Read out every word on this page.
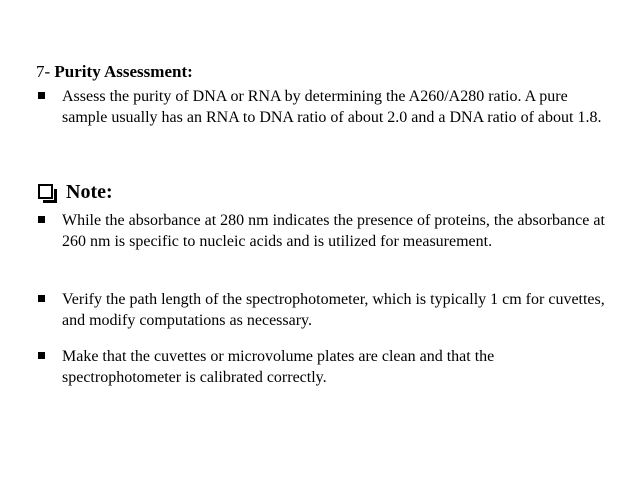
7- Purity Assessment:
Assess the purity of DNA or RNA by determining the A260/A280 ratio. A pure sample usually has an RNA to DNA ratio of about 2.0 and a DNA ratio of about 1.8.
Note:
While the absorbance at 280 nm indicates the presence of proteins, the absorbance at 260 nm is specific to nucleic acids and is utilized for measurement.
Verify the path length of the spectrophotometer, which is typically 1 cm for cuvettes, and modify computations as necessary.
Make that the cuvettes or microvolume plates are clean and that the spectrophotometer is calibrated correctly.
